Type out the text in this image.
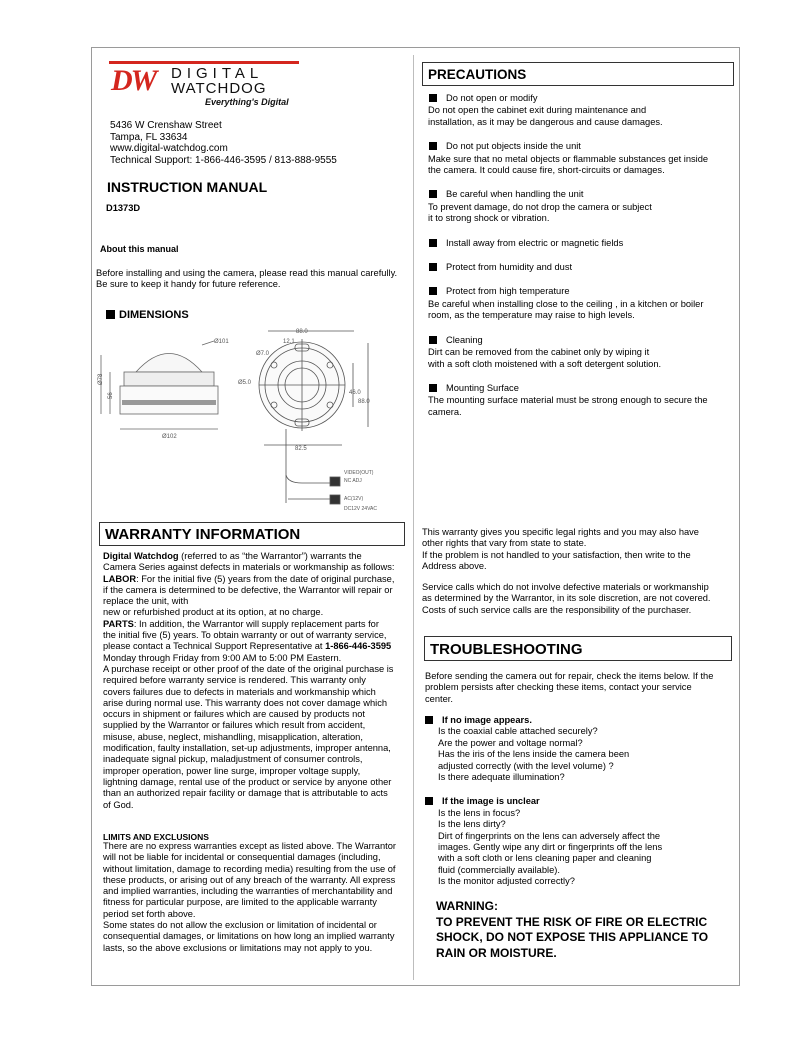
DW DIGITAL
WATCHDOG
Everything's Digital
5436 W Crenshaw Street
Tampa, FL 33634
www.digital-watchdog.com
Technical Support: 1-866-446-3595 / 813-888-9555
INSTRUCTION MANUAL
D1373D
About this manual
Before installing and using the camera, please read this manual carefully.
Be sure to keep it handy for future reference.
DIMENSIONS
Ø101
Ø78
56
Ø102
88.0
12.1
Ø7.0
Ø5.0
46.0
88.0
82.5
VIDEO(OUT)
NC ADJ
AC(12V)
DC12V 24VAC
PRECAUTIONS
Do not open or modify
Do not open the cabinet exit during maintenance and
installation, as it may be dangerous and cause damages.
Do not put objects inside the unit
Make sure that no metal objects or flammable substances get inside
the camera. It could cause fire, short-circuits or damages.
Be careful when handling the unit
To prevent damage, do not drop the camera or subject
it to strong shock or vibration.
Install away from electric or magnetic fields
Protect from humidity and dust
Protect from high temperature
Be careful when installing close to the ceiling , in a kitchen or boiler
room, as the temperature may raise to high levels.
Cleaning
Dirt can be removed from the cabinet only by wiping it
with a soft cloth moistened with a soft detergent solution.
Mounting Surface
The mounting surface material must be strong enough to secure the
camera.
WARRANTY INFORMATION
Digital Watchdog (referred to as “the Warrantor”) warrants the
Camera Series against defects in materials or workmanship as follows:
LABOR: For the initial five (5) years from the date of original purchase,
if the camera is determined to be defective, the Warrantor will repair or
replace the unit, with
new or refurbished product at its option, at no charge.
PARTS: In addition, the Warrantor will supply replacement parts for
the initial five (5) years. To obtain warranty or out of warranty service,
please contact a Technical Support Representative at 1-866-446-3595
Monday through Friday from 9:00 AM to 5:00 PM Eastern.
A purchase receipt or other proof of the date of the original purchase is
required before warranty service is rendered. This warranty only
covers failures due to defects in materials and workmanship which
arise during normal use. This warranty does not cover damage which
occurs in shipment or failures which are caused by products not
supplied by the Warrantor or failures which result from accident,
misuse, abuse, neglect, mishandling, misapplication, alteration,
modification, faulty installation, set-up adjustments, improper antenna,
inadequate signal pickup, maladjustment of consumer controls,
improper operation, power line surge, improper voltage supply,
lightning damage, rental use of the product or service by anyone other
than an authorized repair facility or damage that is attributable to acts
of God.
LIMITS AND EXCLUSIONS
There are no express warranties except as listed above. The Warrantor
will not be liable for incidental or consequential damages (including,
without limitation, damage to recording media) resulting from the use of
these products, or arising out of any breach of the warranty. All express
and implied warranties, including the warranties of merchantability and
fitness for particular purpose, are limited to the applicable warranty
period set forth above.
Some states do not allow the exclusion or limitation of incidental or
consequential damages, or limitations on how long an implied warranty
lasts, so the above exclusions or limitations may not apply to you.
This warranty gives you specific legal rights and you may also have
other rights that vary from state to state.
If the problem is not handled to your satisfaction, then write to the
Address above.
Service calls which do not involve defective materials or workmanship
as determined by the Warrantor, in its sole discretion, are not covered.
Costs of such service calls are the responsibility of the purchaser.
TROUBLESHOOTING
Before sending the camera out for repair, check the items below. If the
problem persists after checking these items, contact your service
center.
If no image appears.
Is the coaxial cable attached securely?
Are the power and voltage normal?
Has the iris of the lens inside the camera been
adjusted correctly (with the level volume) ?
Is there adequate illumination?
If the image is unclear
Is the lens in focus?
Is the lens dirty?
Dirt of fingerprints on the lens can adversely affect the
images. Gently wipe any dirt or fingerprints off the lens
with a soft cloth or lens cleaning paper and cleaning
fluid (commercially available).
Is the monitor adjusted correctly?
WARNING:
TO PREVENT THE RISK OF FIRE OR ELECTRIC
SHOCK, DO NOT EXPOSE THIS APPLIANCE TO
RAIN OR MOISTURE.
